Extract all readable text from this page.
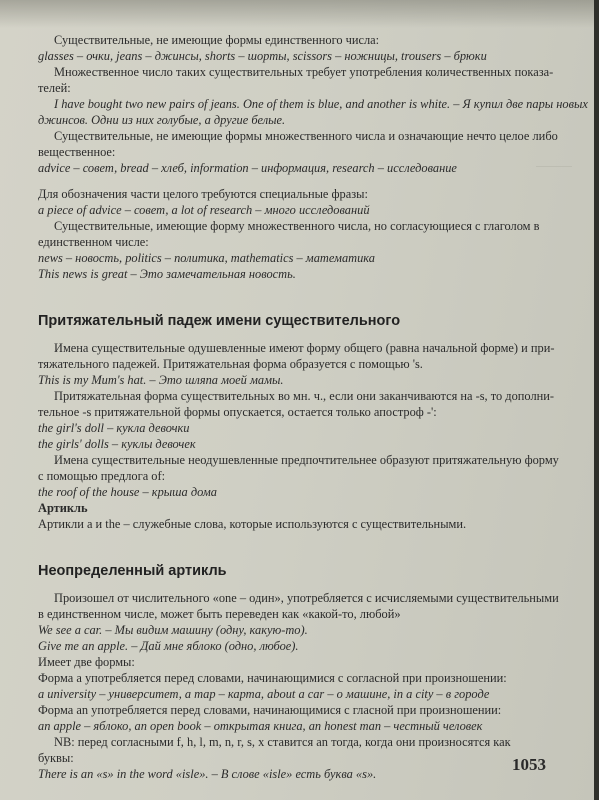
————

Существительные, не имеющие формы единственного числа:

glasses – очки, jeans – джинсы, shorts – шорты, scissors – ножницы, trousers – брюки

Множественное число таких существительных требует употребления количественных показа-

телей:

I have bought two new pairs of jeans. One of them is blue, and another is white. – Я купил две пары новых

джинсов. Одни из них голубые, а другие белые.

Существительные, не имеющие формы множественного числа и означающие нечто целое либо

вещественное:

advice – совет, bread – хлеб, information – информация, research – исследование

Для обозначения части целого требуются специальные фразы:

a piece of advice – совет, a lot of research – много исследований

Существительные, имеющие форму множественного числа, но согласующиеся с глаголом в

единственном числе:

news – новость, politics – политика, mathematics – математика

This news is great – Это замечательная новость.

Притяжательный падеж имени существительного

Имена существительные одушевленные имеют форму общего (равна начальной форме) и при-

тяжательного падежей. Притяжательная форма образуется с помощью 's.

This is my Mum's hat. – Это шляпа моей мамы.

Притяжательная форма существительных во мн. ч., если они заканчиваются на -s, то дополни-

тельное -s притяжательной формы опускается, остается только апостроф -':

the girl's doll – кукла девочки

the girls' dolls – куклы девочек

Имена существительные неодушевленные предпочтительнее образуют притяжательную форму

с помощью предлога of:

the roof of the house – крыша дома

Артикль

Артикли a и the – служебные слова, которые используются с существительными.

Неопределенный артикль

Произошел от числительного «one – один», употребляется с исчисляемыми существительными

в единственном числе, может быть переведен как «какой-то, любой»

We see a car. – Мы видим машину (одну, какую-то).

Give me an apple. – Дай мне яблоко (одно, любое).

Имеет две формы:

Форма a употребляется перед словами, начинающимися с согласной при произношении:

a university – университет, a map – карта, about a car – о машине, in a city – в городе

Форма an употребляется перед словами, начинающимися с гласной при произношении:

an apple – яблоко, an open book – открытая книга, an honest man – честный человек

NB: перед согласными f, h, l, m, n, r, s, x ставится an тогда, когда они произносятся как

буквы:

There is an «s» in the word «isle». – В слове «isle» есть буква «s».	1053
